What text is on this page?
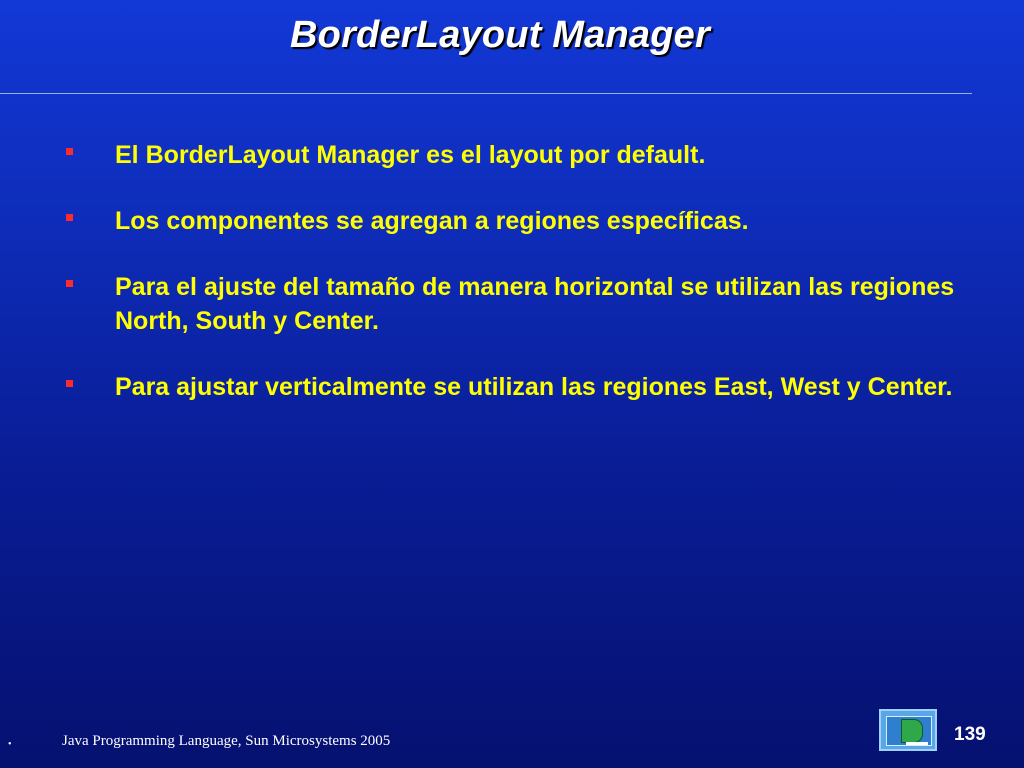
BorderLayout Manager
El BorderLayout Manager es el layout por default.
Los componentes se agregan a regiones específicas.
Para el ajuste del tamaño de manera horizontal se utilizan las regiones North, South y Center.
Para ajustar verticalmente se utilizan las regiones East, West y Center.
•	Java Programming Language, Sun Microsystems 2005	139
